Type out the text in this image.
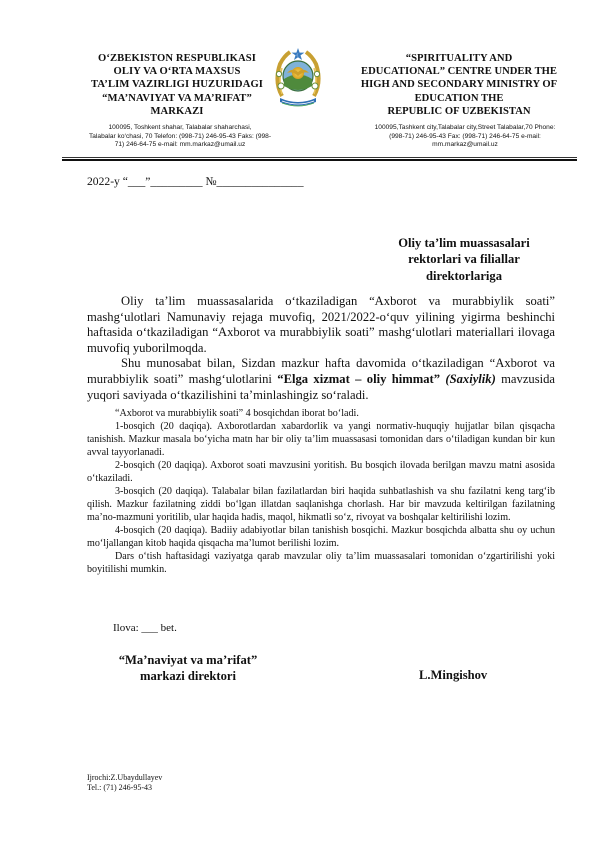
O‘ZBEKISTON RESPUBLIKASI
OLIY VA O‘RTA MAXSUS
TA’LIM VAZIRLIGI HUZURIDAGI
“MA’NAVIYAT VA MA’RIFAT”
MARKAZI
☾	“SPIRITUALITY AND
EDUCATIONAL” CENTRE UNDER THE
HIGH AND SECONDARY MINISTRY OF
EDUCATION THE
REPUBLIC OF UZBEKISTAN
100095, Toshkent shahar, Talabalar shaharchasi,
Talabalar ko‘chasi, 70 Telefon: (998-71) 246-95-43 Faks: (998-
71) 246-64-75 e-mail: mm.markaz@umail.uz
100095,Tashkent city,Talabalar city,Street Talabalar,70 Phone:
(998-71) 246-95-43 Fax: (998-71) 246-64-75 e-mail:
mm.markaz@umail.uz
2022-y “___”_________ №_______________
Oliy ta’lim muassasalari
rektorlari va filiallar
direktorlariga

Oliy ta’lim muassasalarida o‘tkaziladigan “Axborot va murabbiylik soati” mashg‘ulotlari Namunaviy rejaga muvofiq, 2021/2022-o‘quv yilining yigirma beshinchi haftasida o‘tkaziladigan “Axborot va murabbiylik soati” mashg‘ulotlari materiallari ilovaga muvofiq yuborilmoqda.

Shu munosabat bilan, Sizdan mazkur hafta davomida o‘tkaziladigan “Axborot va murabbiylik soati” mashg‘ulotlarini “Elga xizmat – oliy himmat” (Saxiylik) mavzusida yuqori saviyada o‘tkazilishini ta’minlashingiz so‘raladi.

“Axborot va murabbiylik soati” 4 bosqichdan iborat bo‘ladi.

1-bosqich (20 daqiqa). Axborotlardan xabardorlik va yangi normativ-huquqiy hujjatlar bilan qisqacha tanishish. Mazkur masala bo‘yicha matn har bir oliy ta’lim muassasasi tomonidan dars o‘tiladigan kundan bir kun avval tayyorlanadi.

2-bosqich (20 daqiqa). Axborot soati mavzusini yoritish. Bu bosqich ilovada berilgan mavzu matni asosida o‘tkaziladi.

3-bosqich (20 daqiqa). Talabalar bilan fazilatlardan biri haqida suhbatlashish va shu fazilatni keng targ‘ib qilish. Mazkur fazilatning ziddi bo‘lgan illatdan saqlanishga chorlash. Har bir mavzuda keltirilgan fazilatning ma’no-mazmuni yoritilib, ular haqida hadis, maqol, hikmatli so‘z, rivoyat va boshqalar keltirilishi lozim.

4-bosqich (20 daqiqa). Badiiy adabiyotlar bilan tanishish bosqichi. Mazkur bosqichda albatta shu oy uchun mo‘ljallangan kitob haqida qisqacha ma’lumot berilishi lozim.

Dars o‘tish haftasidagi vaziyatga qarab mavzular oliy ta’lim muassasalari tomonidan o‘zgartirilishi yoki boyitilishi mumkin.

Ilova: ___ bet.
“Ma’naviyat va ma’rifat”
markazi direktori	L.Mingishov
Ijrochi:Z.Ubaydullayev
Tel.: (71) 246-95-43
